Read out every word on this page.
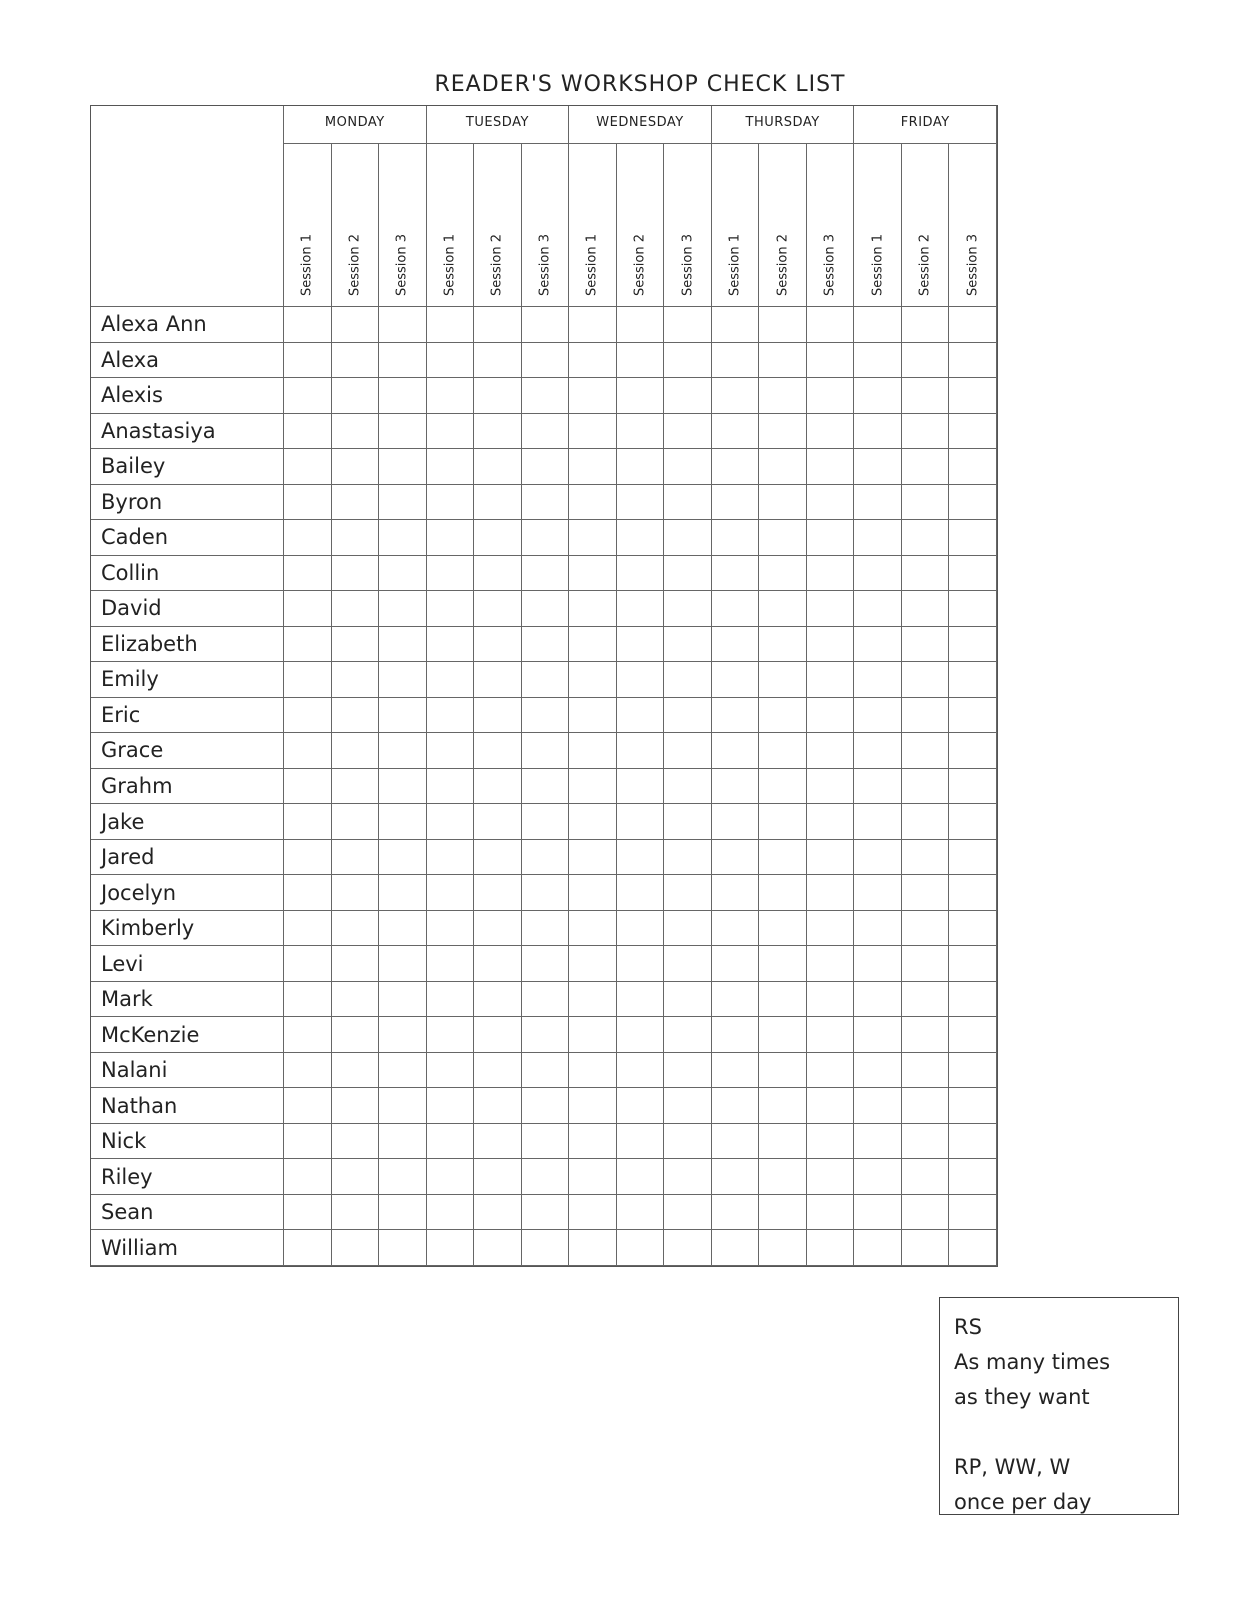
READER'S WORKSHOP CHECK LIST
MONDAY	TUESDAY	WEDNESDAY	THURSDAY	FRIDAY
Session 1	Session 2	Session 3	Session 1	Session 2	Session 3	Session 1	Session 2	Session 3	Session 1	Session 2	Session 3	Session 1	Session 2	Session 3
Alexa Ann
Alexa
Alexis
Anastasiya
Bailey
Byron
Caden
Collin
David
Elizabeth
Emily
Eric
Grace
Grahm
Jake
Jared
Jocelyn
Kimberly
Levi
Mark
McKenzie
Nalani
Nathan
Nick
Riley
Sean
William
RS
As many times
as they want
RP, WW, W
once per day
